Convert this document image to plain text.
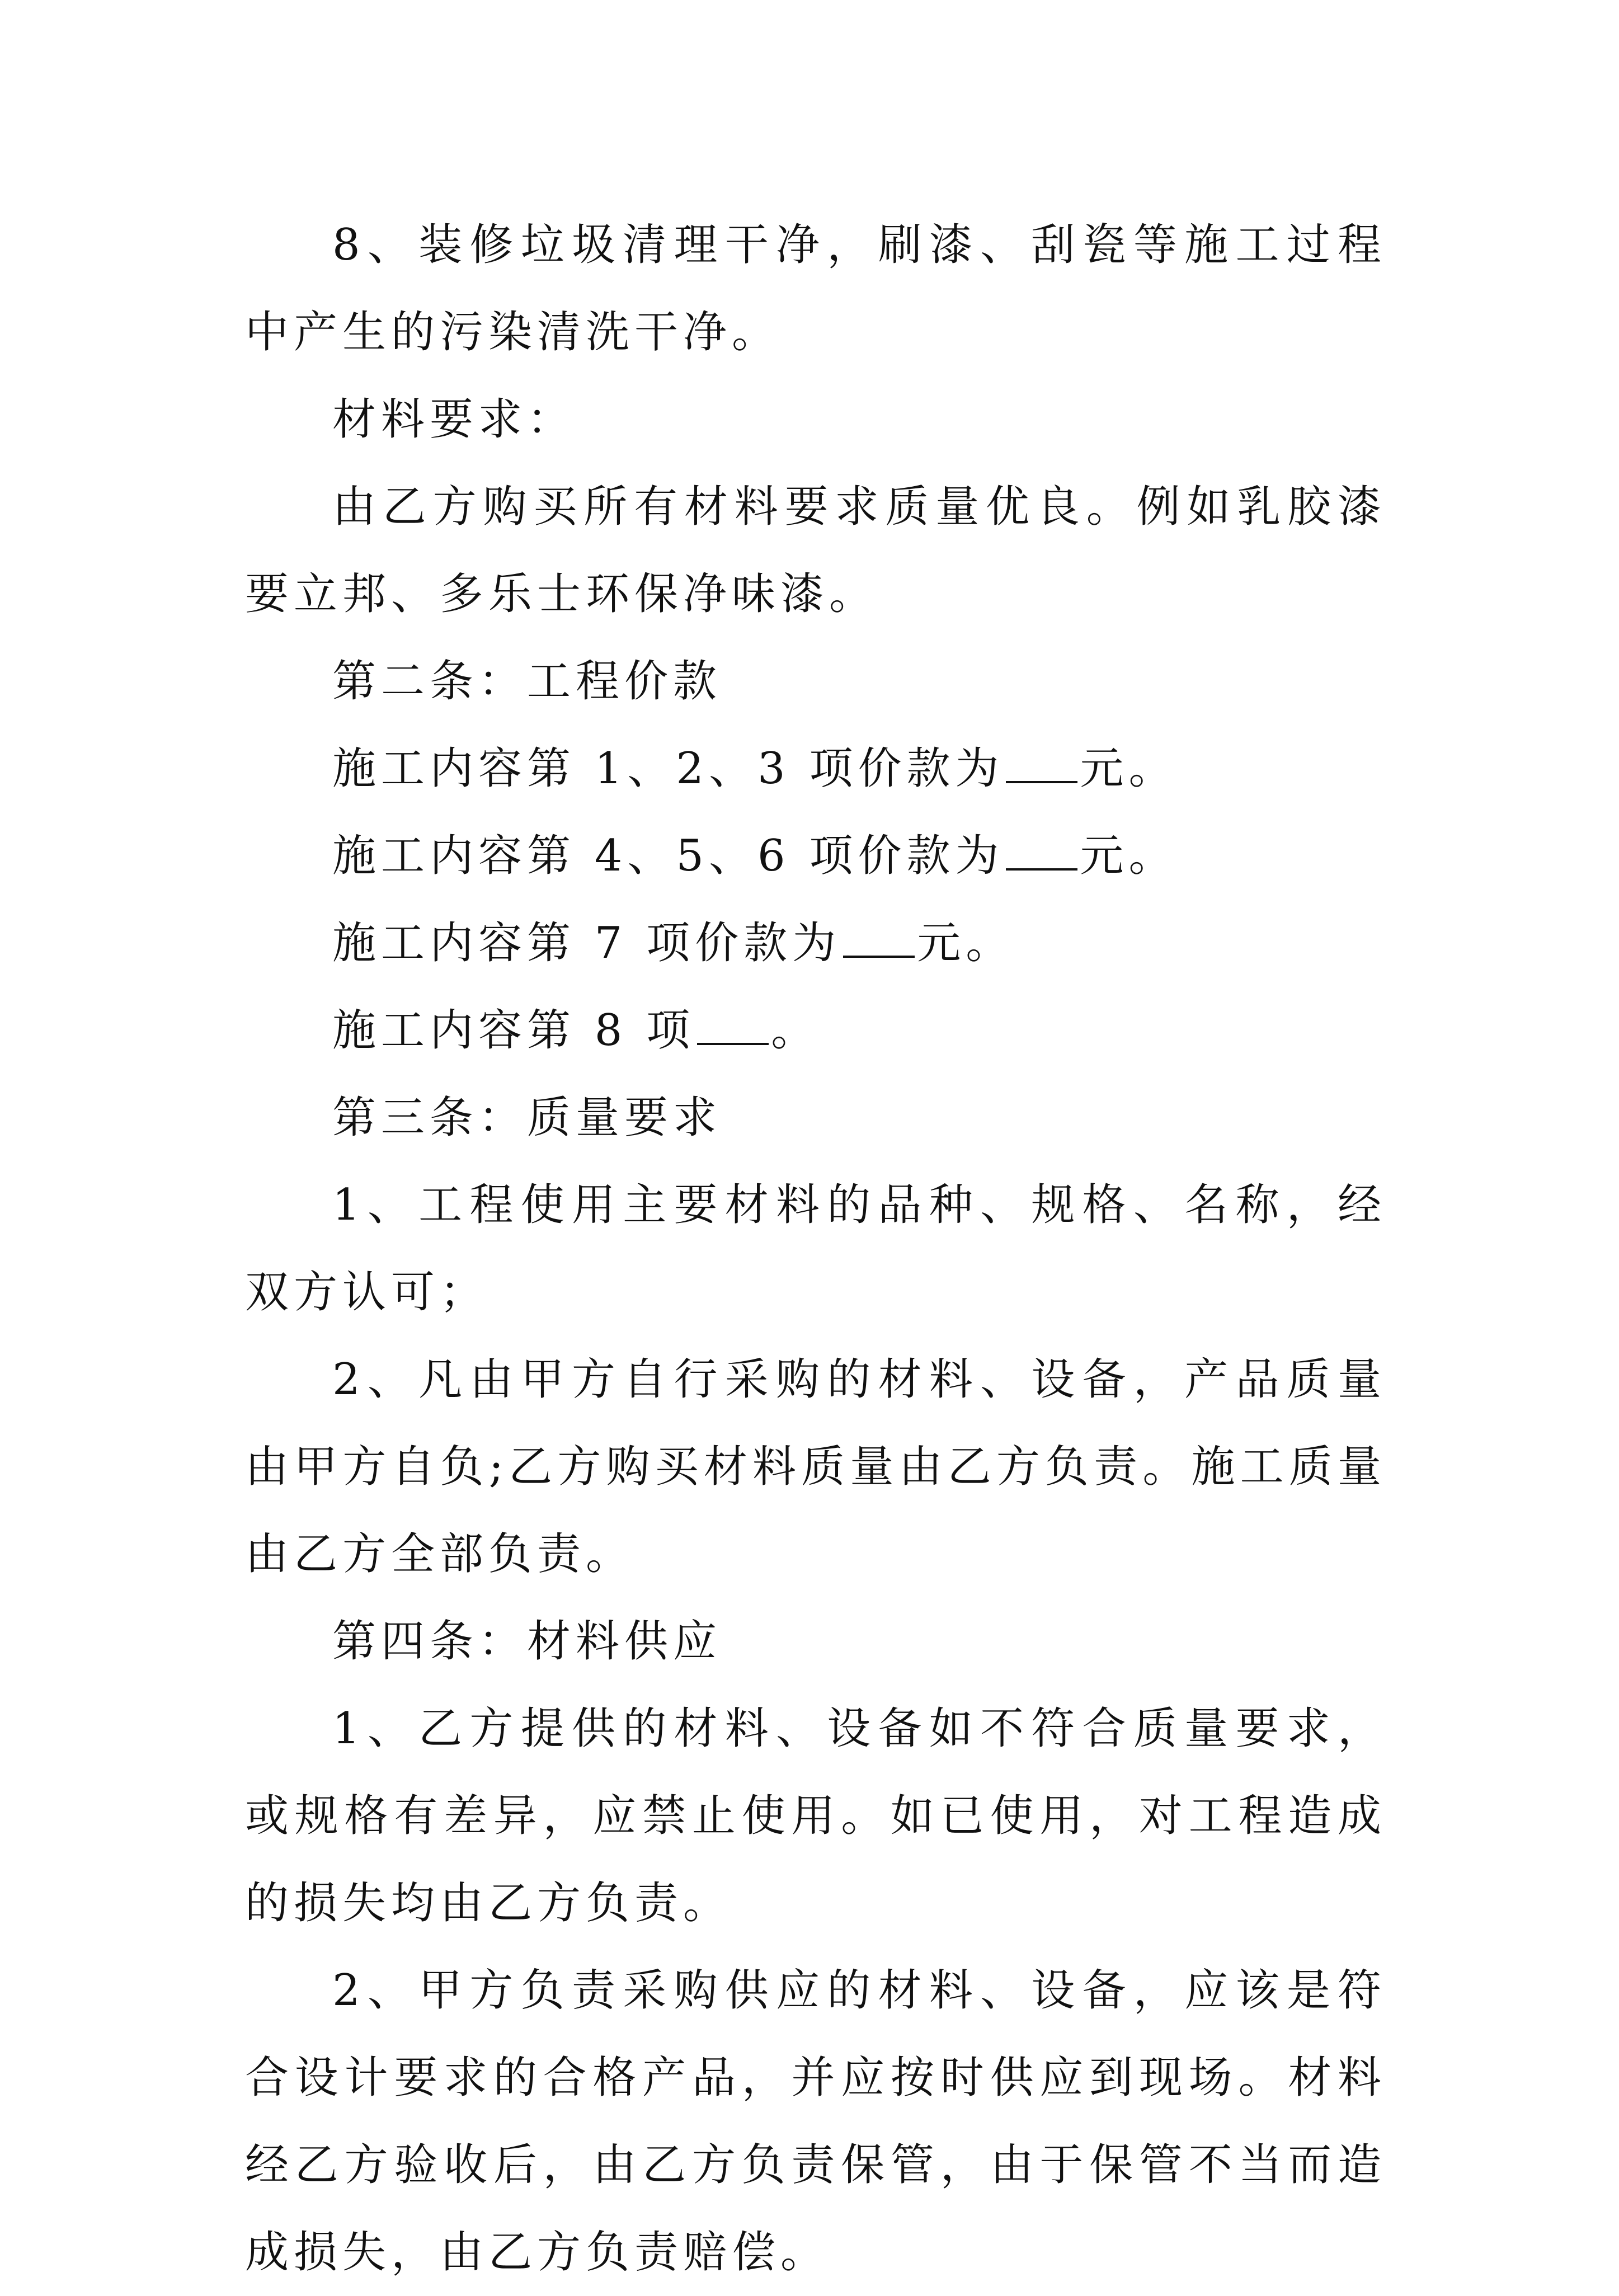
8、装修垃圾清理干净，刷漆、刮瓷等施工过程中产生的污染清洗干净。

材料要求：

由乙方购买所有材料要求质量优良。例如乳胶漆要立邦、多乐士环保净味漆。

第二条：工程价款

施工内容第 1、2、3 项价款为 元。

施工内容第 4、5、6 项价款为 元。

施工内容第 7 项价款为 元。

施工内容第 8 项 。

第三条：质量要求

1、工程使用主要材料的品种、规格、名称，经双方认可；

2、凡由甲方自行采购的材料、设备，产品质量由甲方自负;乙方购买材料质量由乙方负责。施工质量由乙方全部负责。

第四条：材料供应

1、乙方提供的材料、设备如不符合质量要求，或规格有差异，应禁止使用。如已使用，对工程造成的损失均由乙方负责。

2、甲方负责采购供应的材料、设备，应该是符合设计要求的合格产品，并应按时供应到现场。材料经乙方验收后，由乙方负责保管，由于保管不当而造成损失，由乙方负责赔偿。
